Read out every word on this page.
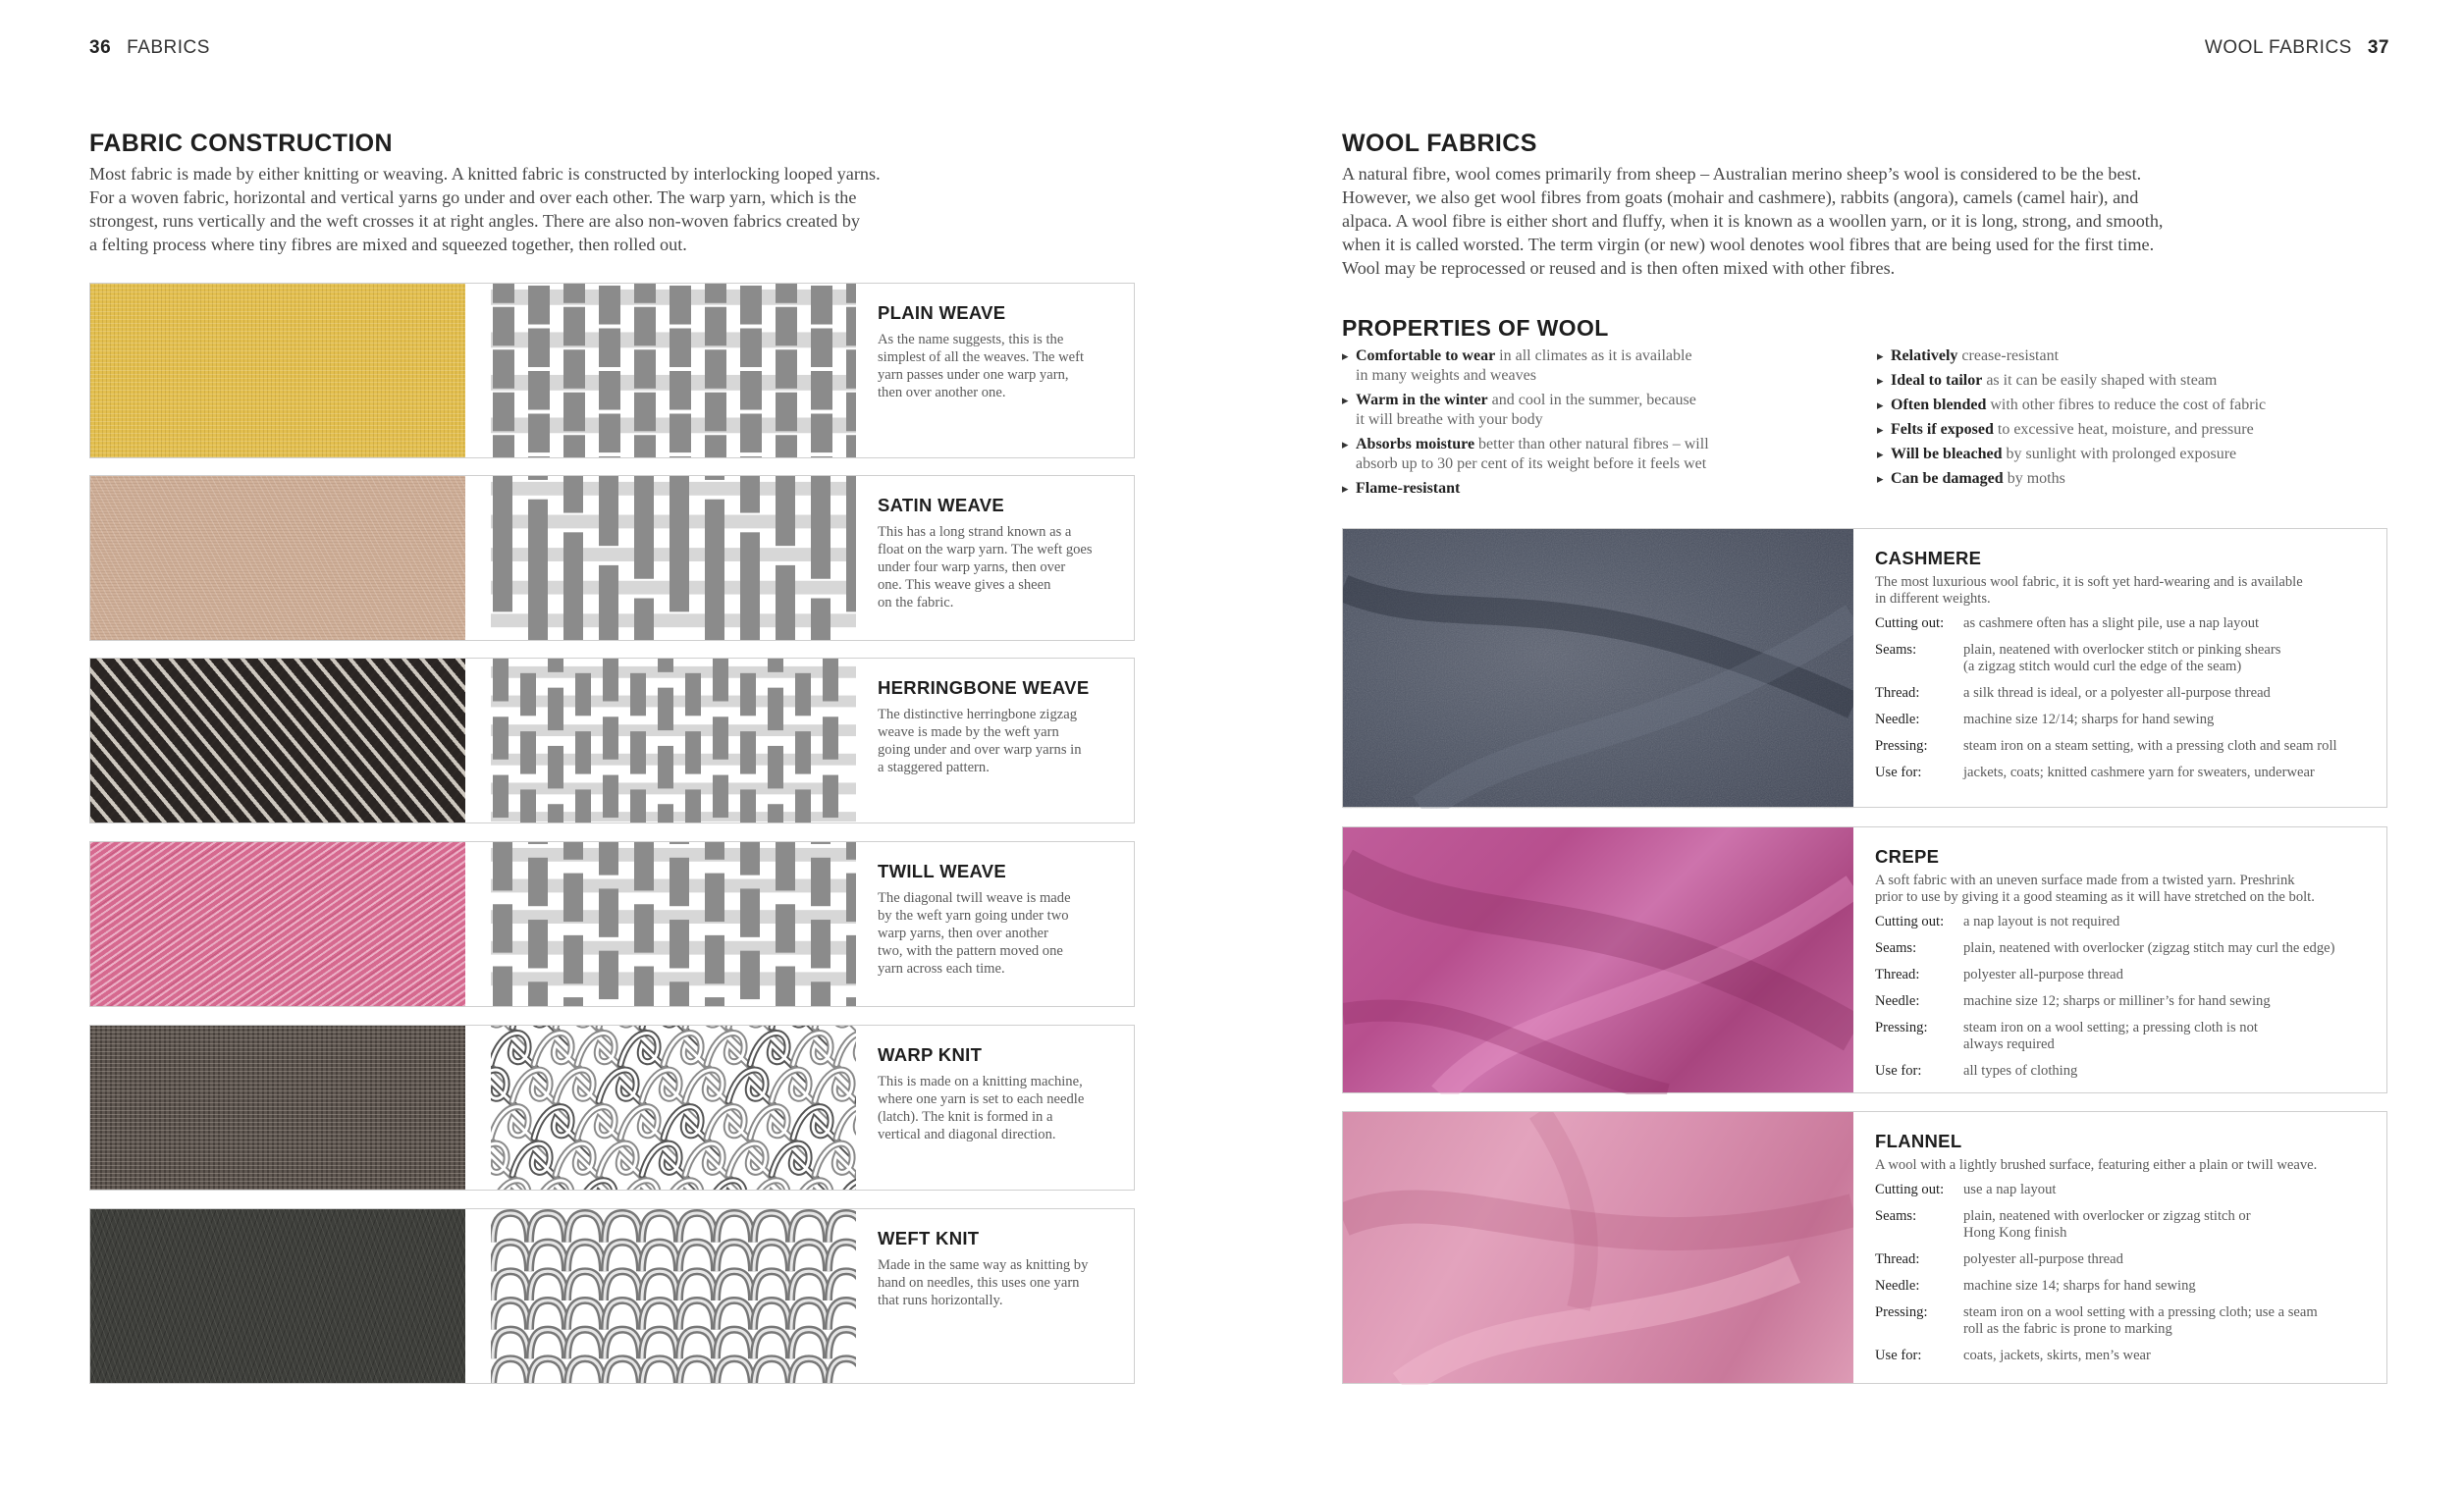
36 FABRICS	WOOL FABRICS 37
FABRIC CONSTRUCTION

Most fabric is made by either knitting or weaving. A knitted fabric is constructed by interlocking looped yarns.
For a woven fabric, horizontal and vertical yarns go under and over each other. The warp yarn, which is the
strongest, runs vertically and the weft crosses it at right angles. There are also non-woven fabrics created by
a felting process where tiny fibres are mixed and squeezed together, then rolled out.

PLAIN WEAVE
As the name suggests, this is the
simplest of all the weaves. The weft
yarn passes under one warp yarn,
then over another one.
SATIN WEAVE
This has a long strand known as a
float on the warp yarn. The weft goes
under four warp yarns, then over
one. This weave gives a sheen
on the fabric.
HERRINGBONE WEAVE
The distinctive herringbone zigzag
weave is made by the weft yarn
going under and over warp yarns in
a staggered pattern.
TWILL WEAVE
The diagonal twill weave is made
by the weft yarn going under two
warp yarns, then over another
two, with the pattern moved one
yarn across each time.
WARP KNIT
This is made on a knitting machine,
where one yarn is set to each needle
(latch). The knit is formed in a
vertical and diagonal direction.
WEFT KNIT
Made in the same way as knitting by
hand on needles, this uses one yarn
that runs horizontally.
WOOL FABRICS

A natural fibre, wool comes primarily from sheep – Australian merino sheep’s wool is considered to be the best.
However, we also get wool fibres from goats (mohair and cashmere), rabbits (angora), camels (camel hair), and
alpaca. A wool fibre is either short and fluffy, when it is known as a woollen yarn, or it is long, strong, and smooth,
when it is called worsted. The term virgin (or new) wool denotes wool fibres that are being used for the first time.
Wool may be reprocessed or reused and is then often mixed with other fibres.

PROPERTIES OF WOOL
▸ Comfortable to wear in all climates as it is available
in many weights and weaves
▸ Warm in the winter and cool in the summer, because
it will breathe with your body
▸ Absorbs moisture better than other natural fibres – will
absorb up to 30 per cent of its weight before it feels wet
▸ Flame-resistant
▸ Relatively crease-resistant
▸ Ideal to tailor as it can be easily shaped with steam
▸ Often blended with other fibres to reduce the cost of fabric
▸ Felts if exposed to excessive heat, moisture, and pressure
▸ Will be bleached by sunlight with prolonged exposure
▸ Can be damaged by moths
CASHMERE
The most luxurious wool fabric, it is soft yet hard-wearing and is available
in different weights.
Cutting out:	as cashmere often has a slight pile, use a nap layout
Seams:	plain, neatened with overlocker stitch or pinking shears
(a zigzag stitch would curl the edge of the seam)
Thread:	a silk thread is ideal, or a polyester all-purpose thread
Needle:	machine size 12/14; sharps for hand sewing
Pressing:	steam iron on a steam setting, with a pressing cloth and seam roll
Use for:	jackets, coats; knitted cashmere yarn for sweaters, underwear
CREPE
A soft fabric with an uneven surface made from a twisted yarn. Preshrink
prior to use by giving it a good steaming as it will have stretched on the bolt.
Cutting out:	a nap layout is not required
Seams:	plain, neatened with overlocker (zigzag stitch may curl the edge)
Thread:	polyester all-purpose thread
Needle:	machine size 12; sharps or milliner’s for hand sewing
Pressing:	steam iron on a wool setting; a pressing cloth is not
always required
Use for:	all types of clothing
FLANNEL
A wool with a lightly brushed surface, featuring either a plain or twill weave.
Cutting out:	use a nap layout
Seams:	plain, neatened with overlocker or zigzag stitch or
Hong Kong finish
Thread:	polyester all-purpose thread
Needle:	machine size 14; sharps for hand sewing
Pressing:	steam iron on a wool setting with a pressing cloth; use a seam
roll as the fabric is prone to marking
Use for:	coats, jackets, skirts, men’s wear
